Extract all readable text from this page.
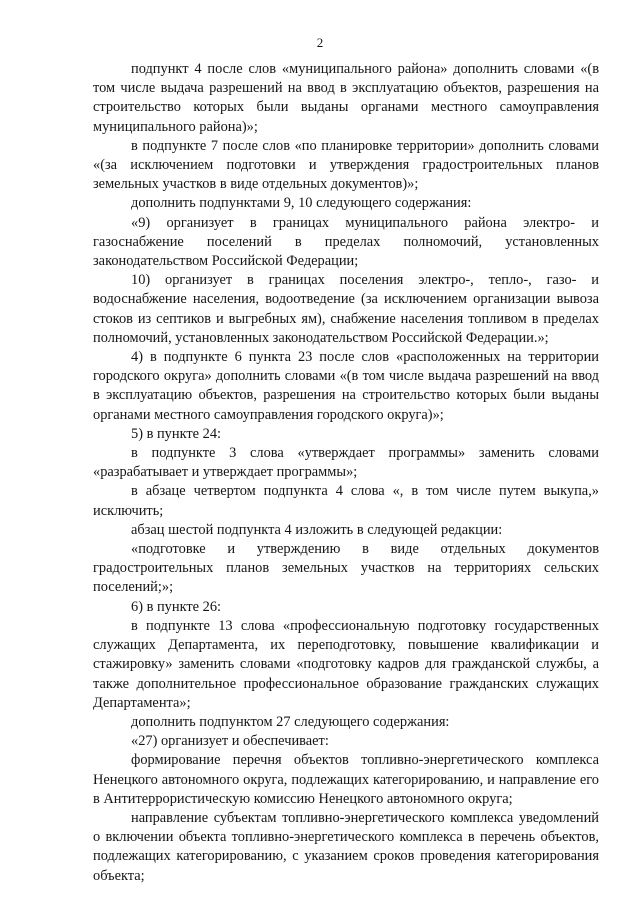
2

подпункт 4 после слов «муниципального района» дополнить словами «(в том числе выдача разрешений на ввод в эксплуатацию объектов, разрешения на строительство которых были выданы органами местного самоуправления муниципального района)»;

в подпункте 7 после слов «по планировке территории» дополнить словами «(за исключением подготовки и утверждения градостроительных планов земельных участков в виде отдельных документов)»;

дополнить подпунктами 9, 10 следующего содержания:

«9) организует в границах муниципального района электро- и газоснабжение поселений в пределах полномочий, установленных законодательством Российской Федерации;

10) организует в границах поселения электро-, тепло-, газо- и водоснабжение населения, водоотведение (за исключением организации вывоза стоков из септиков и выгребных ям), снабжение населения топливом в пределах полномочий, установленных законодательством Российской Федерации.»;

4) в подпункте 6 пункта 23 после слов «расположенных на территории городского округа» дополнить словами «(в том числе выдача разрешений на ввод в эксплуатацию объектов, разрешения на строительство которых были выданы органами местного самоуправления городского округа)»;

5) в пункте 24:

в подпункте 3 слова «утверждает программы» заменить словами «разрабатывает и утверждает программы»;

в абзаце четвертом подпункта 4 слова «, в том числе путем выкупа,» исключить;

абзац шестой подпункта 4 изложить в следующей редакции:

«подготовке и утверждению в виде отдельных документов градостроительных планов земельных участков на территориях сельских поселений;»;

6) в пункте 26:

в подпункте 13 слова «профессиональную подготовку государственных служащих Департамента, их переподготовку, повышение квалификации и стажировку» заменить словами «подготовку кадров для гражданской службы, а также дополнительное профессиональное образование гражданских служащих Департамента»;

дополнить подпунктом 27 следующего содержания:

«27) организует и обеспечивает:

формирование перечня объектов топливно-энергетического комплекса Ненецкого автономного округа, подлежащих категорированию, и направление его в Антитеррористическую комиссию Ненецкого автономного округа;

направление субъектам топливно-энергетического комплекса уведомлений о включении объекта топливно-энергетического комплекса в перечень объектов, подлежащих категорированию, с указанием сроков проведения категорирования объекта;
